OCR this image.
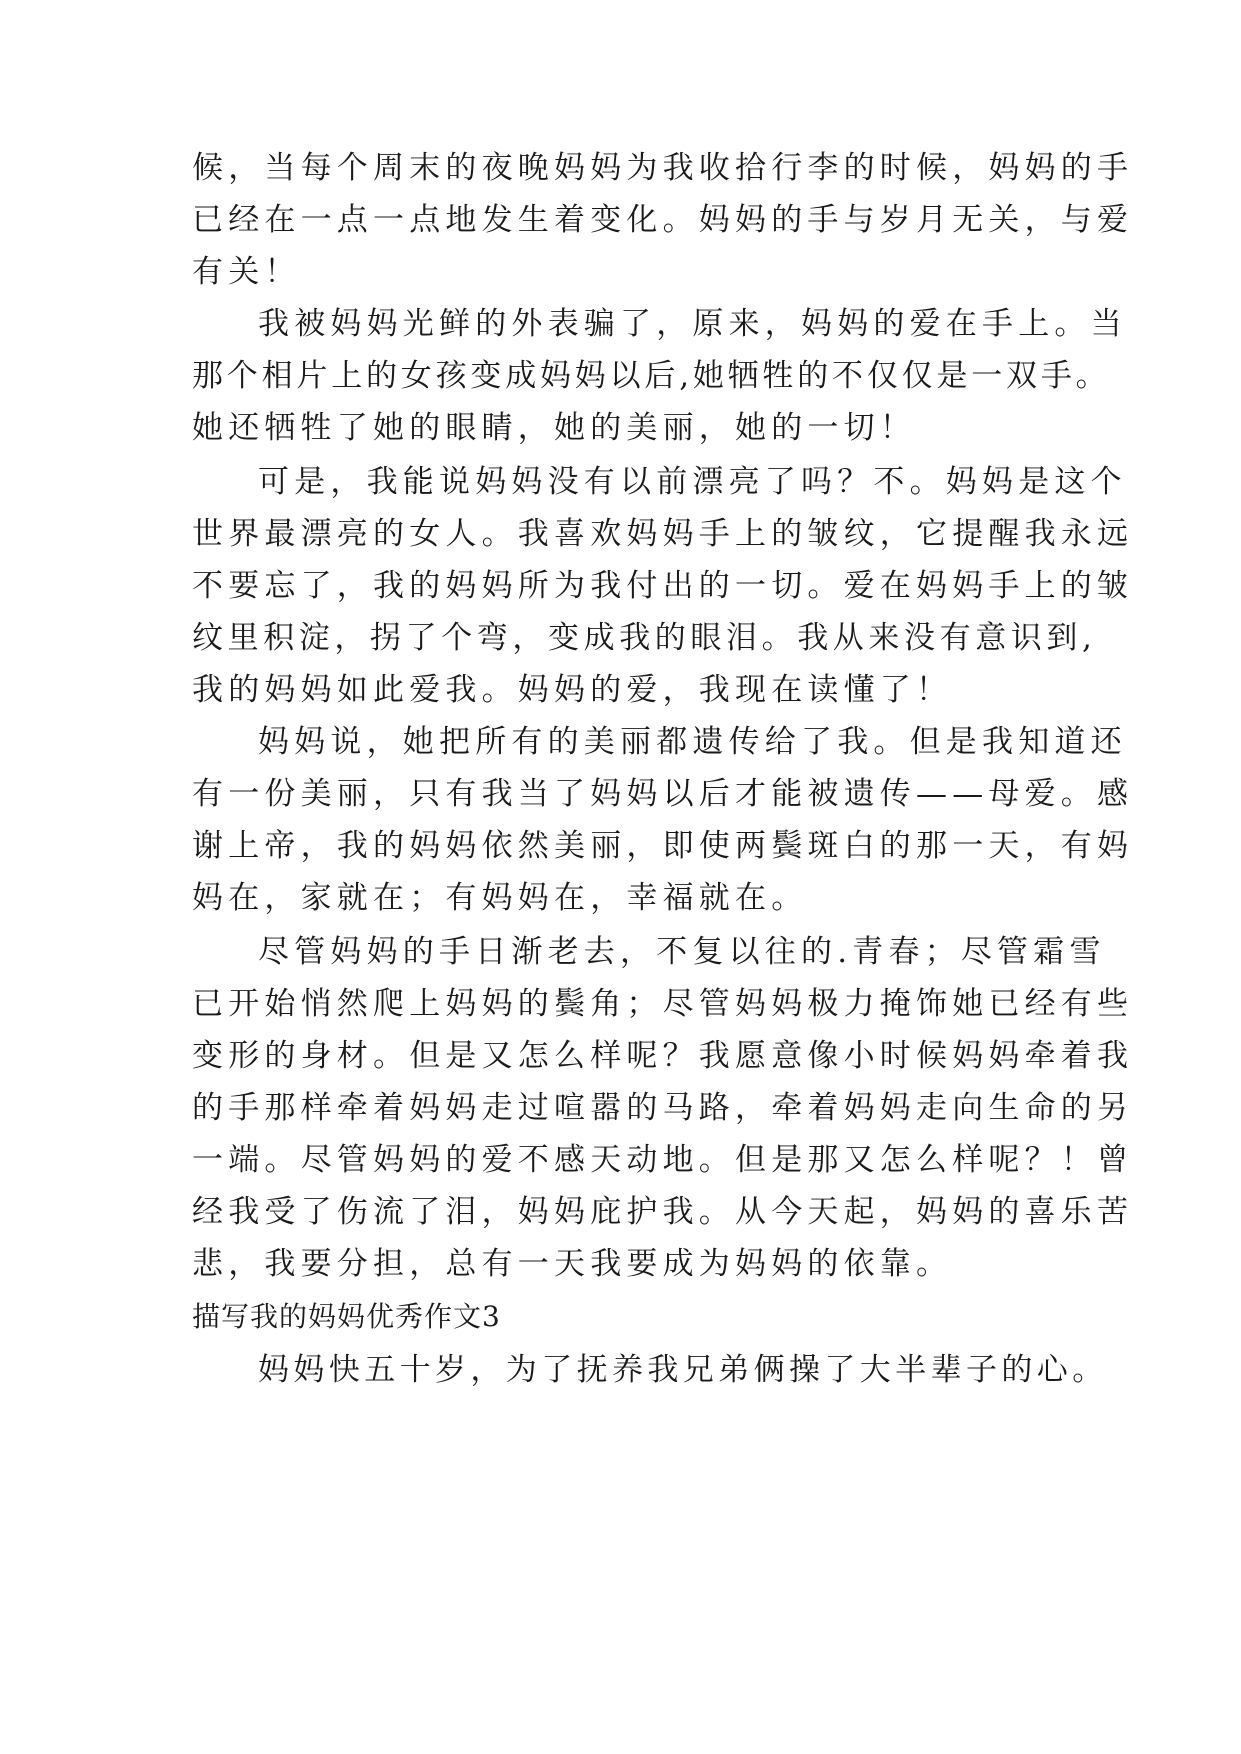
候，当每个周末的夜晚妈妈为我收拾行李的时候，妈妈的手
已经在一点一点地发生着变化。妈妈的手与岁月无关，与爱
有关！
我被妈妈光鲜的外表骗了，原来，妈妈的爱在手上。当
那个相片上的女孩变成妈妈以后,她牺牲的不仅仅是一双手。
她还牺牲了她的眼睛，她的美丽，她的一切！
可是，我能说妈妈没有以前漂亮了吗？不。妈妈是这个
世界最漂亮的女人。我喜欢妈妈手上的皱纹，它提醒我永远
不要忘了，我的妈妈所为我付出的一切。爱在妈妈手上的皱
纹里积淀，拐了个弯，变成我的眼泪。我从来没有意识到,
我的妈妈如此爱我。妈妈的爱，我现在读懂了！
妈妈说，她把所有的美丽都遗传给了我。但是我知道还
有一份美丽，只有我当了妈妈以后才能被遗传——母爱。感
谢上帝，我的妈妈依然美丽，即使两鬓斑白的那一天，有妈
妈在，家就在；有妈妈在，幸福就在。
尽管妈妈的手日渐老去，不复以往的.青春；尽管霜雪
已开始悄然爬上妈妈的鬓角；尽管妈妈极力掩饰她已经有些
变形的身材。但是又怎么样呢？我愿意像小时候妈妈牵着我
的手那样牵着妈妈走过喧嚣的马路，牵着妈妈走向生命的另
一端。尽管妈妈的爱不感天动地。但是那又怎么样呢？！曾
经我受了伤流了泪，妈妈庇护我。从今天起，妈妈的喜乐苦
悲，我要分担，总有一天我要成为妈妈的依靠。
描写我的妈妈优秀作文3
妈妈快五十岁，为了抚养我兄弟俩操了大半辈子的心。
